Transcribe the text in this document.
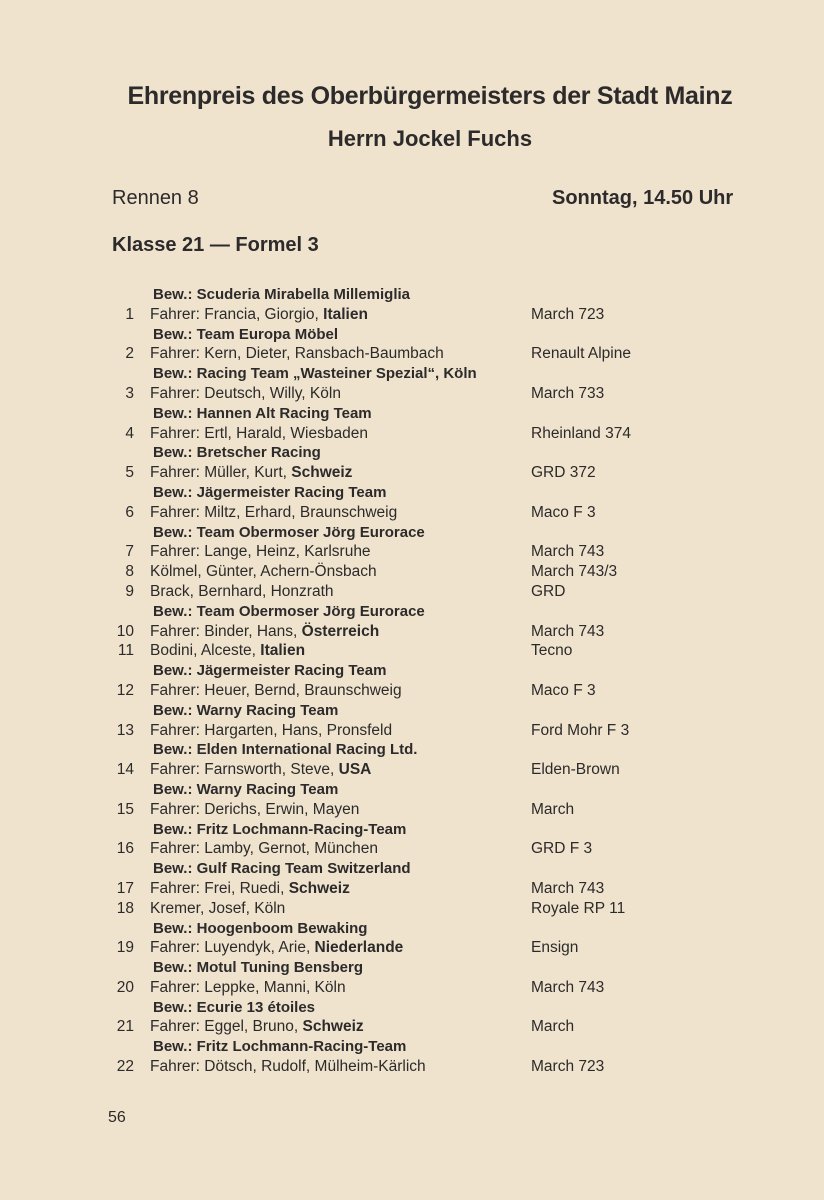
Ehrenpreis des Oberbürgermeisters der Stadt Mainz
Herrn Jockel Fuchs
Rennen 8	Sonntag, 14.50 Uhr
Klasse 21 — Formel 3
Bew.: Scuderia Mirabella Millemiglia
1 Fahrer: Francia, Giorgio, Italien	March 723
Bew.: Team Europa Möbel
2 Fahrer: Kern, Dieter, Ransbach-Baumbach	Renault Alpine
Bew.: Racing Team „Wasteiner Spezial“, Köln
3 Fahrer: Deutsch, Willy, Köln	March 733
Bew.: Hannen Alt Racing Team
4 Fahrer: Ertl, Harald, Wiesbaden	Rheinland 374
Bew.: Bretscher Racing
5 Fahrer: Müller, Kurt, Schweiz	GRD 372
Bew.: Jägermeister Racing Team
6 Fahrer: Miltz, Erhard, Braunschweig	Maco F 3
Bew.: Team Obermoser Jörg Eurorace
7 Fahrer: Lange, Heinz, Karlsruhe	March 743
8 Kölmel, Günter, Achern-Önsbach	March 743/3
9 Brack, Bernhard, Honzrath	GRD
Bew.: Team Obermoser Jörg Eurorace
10 Fahrer: Binder, Hans, Österreich	March 743
11 Bodini, Alceste, Italien	Tecno
Bew.: Jägermeister Racing Team
12 Fahrer: Heuer, Bernd, Braunschweig	Maco F 3
Bew.: Warny Racing Team
13 Fahrer: Hargarten, Hans, Pronsfeld	Ford Mohr F 3
Bew.: Elden International Racing Ltd.
14 Fahrer: Farnsworth, Steve, USA	Elden-Brown
Bew.: Warny Racing Team
15 Fahrer: Derichs, Erwin, Mayen	March
Bew.: Fritz Lochmann-Racing-Team
16 Fahrer: Lamby, Gernot, München	GRD F 3
Bew.: Gulf Racing Team Switzerland
17 Fahrer: Frei, Ruedi, Schweiz	March 743
18 Kremer, Josef, Köln	Royale RP 11
Bew.: Hoogenboom Bewaking
19 Fahrer: Luyendyk, Arie, Niederlande	Ensign
Bew.: Motul Tuning Bensberg
20 Fahrer: Leppke, Manni, Köln	March 743
Bew.: Ecurie 13 étoiles
21 Fahrer: Eggel, Bruno, Schweiz	March
Bew.: Fritz Lochmann-Racing-Team
22 Fahrer: Dötsch, Rudolf, Mülheim-Kärlich	March 723
56
